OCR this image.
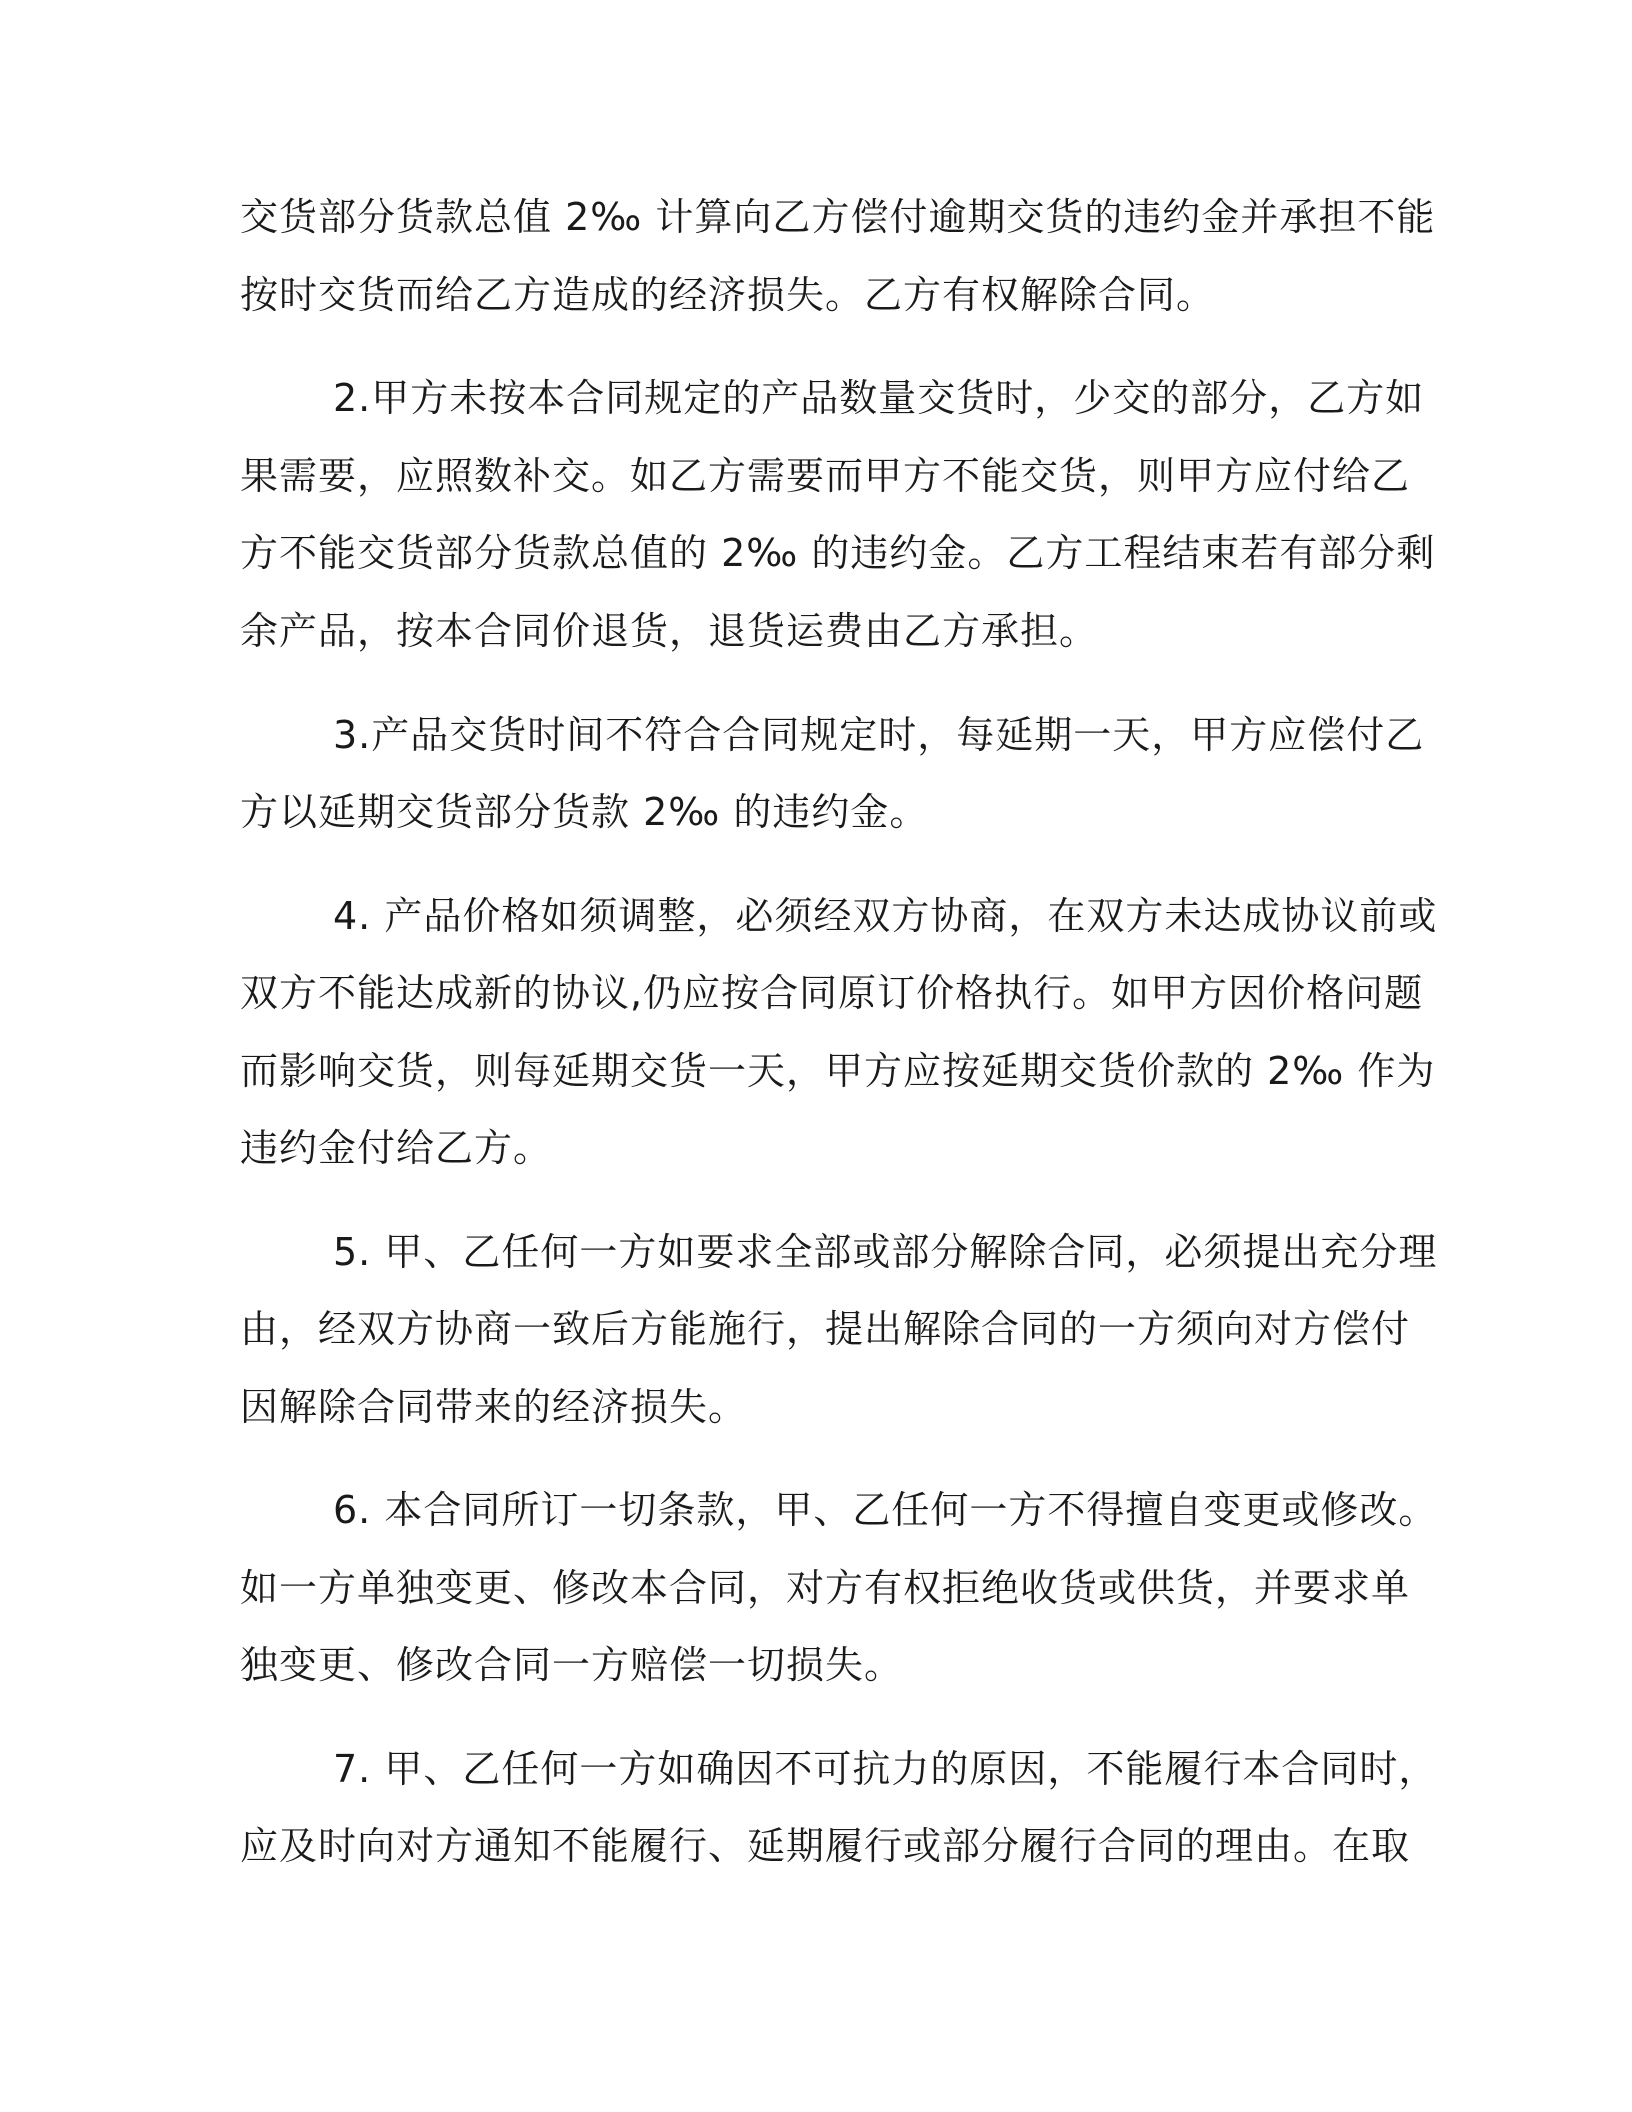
交货部分货款总值 2‰ 计算向乙方偿付逾期交货的违约金并承担不能
按时交货而给乙方造成的经济损失。乙方有权解除合同。
2.甲方未按本合同规定的产品数量交货时，少交的部分，乙方如
果需要，应照数补交。如乙方需要而甲方不能交货，则甲方应付给乙
方不能交货部分货款总值的 2‰ 的违约金。乙方工程结束若有部分剩
余产品，按本合同价退货，退货运费由乙方承担。
3.产品交货时间不符合合同规定时，每延期一天，甲方应偿付乙
方以延期交货部分货款 2‰ 的违约金。
4. 产品价格如须调整，必须经双方协商，在双方未达成协议前或
双方不能达成新的协议,仍应按合同原订价格执行。如甲方因价格问题
而影响交货，则每延期交货一天，甲方应按延期交货价款的 2‰ 作为
违约金付给乙方。
5. 甲、乙任何一方如要求全部或部分解除合同，必须提出充分理
由，经双方协商一致后方能施行，提出解除合同的一方须向对方偿付
因解除合同带来的经济损失。
6. 本合同所订一切条款，甲、乙任何一方不得擅自变更或修改。
如一方单独变更、修改本合同，对方有权拒绝收货或供货，并要求单
独变更、修改合同一方赔偿一切损失。
7. 甲、乙任何一方如确因不可抗力的原因，不能履行本合同时，
应及时向对方通知不能履行、延期履行或部分履行合同的理由。在取
